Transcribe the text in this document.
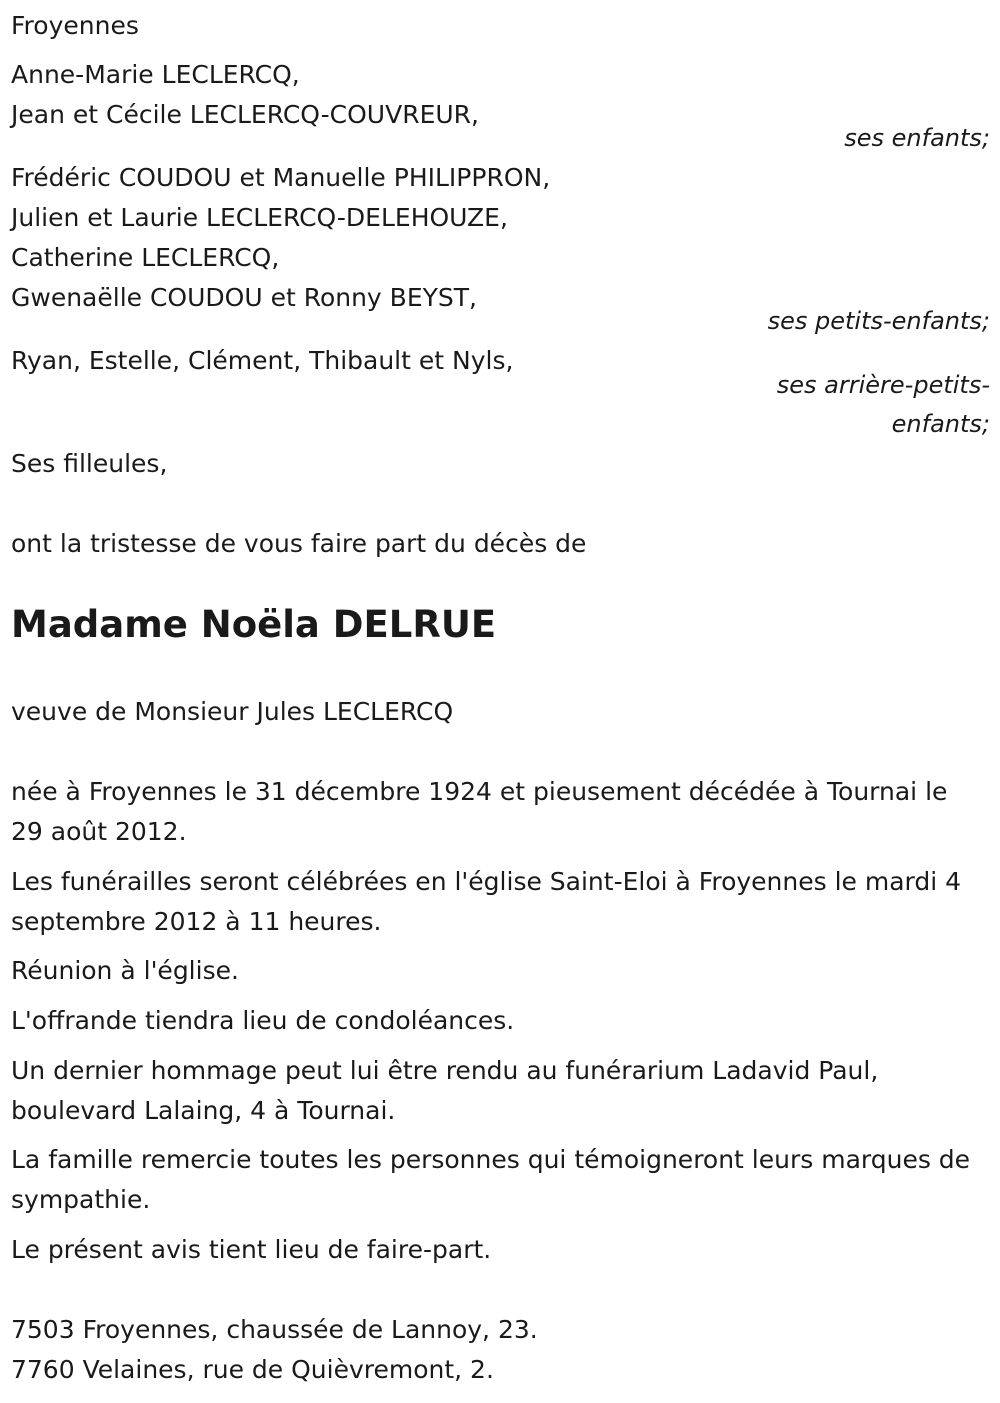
Froyennes
Anne-Marie LECLERCQ,
Jean et Cécile LECLERCQ-COUVREUR,
ses enfants;
Frédéric COUDOU et Manuelle PHILIPPRON,
Julien et Laurie LECLERCQ-DELEHOUZE,
Catherine LECLERCQ,
Gwenaëlle COUDOU et Ronny BEYST,
ses petits-enfants;
Ryan, Estelle, Clément, Thibault et Nyls,
ses arrière-petits-
enfants;
Ses filleules,
ont la tristesse de vous faire part du décès de
Madame Noëla DELRUE
veuve de Monsieur Jules LECLERCQ
née à Froyennes le 31 décembre 1924 et pieusement décédée à Tournai le 29 août 2012.
Les funérailles seront célébrées en l'église Saint-Eloi à Froyennes le mardi 4 septembre 2012 à 11 heures.
Réunion à l'église.
L'offrande tiendra lieu de condoléances.
Un dernier hommage peut lui être rendu au funérarium Ladavid Paul, boulevard Lalaing, 4 à Tournai.
La famille remercie toutes les personnes qui témoigneront leurs marques de sympathie.
Le présent avis tient lieu de faire-part.
7503 Froyennes, chaussée de Lannoy, 23.
7760 Velaines, rue de Quièvremont, 2.
